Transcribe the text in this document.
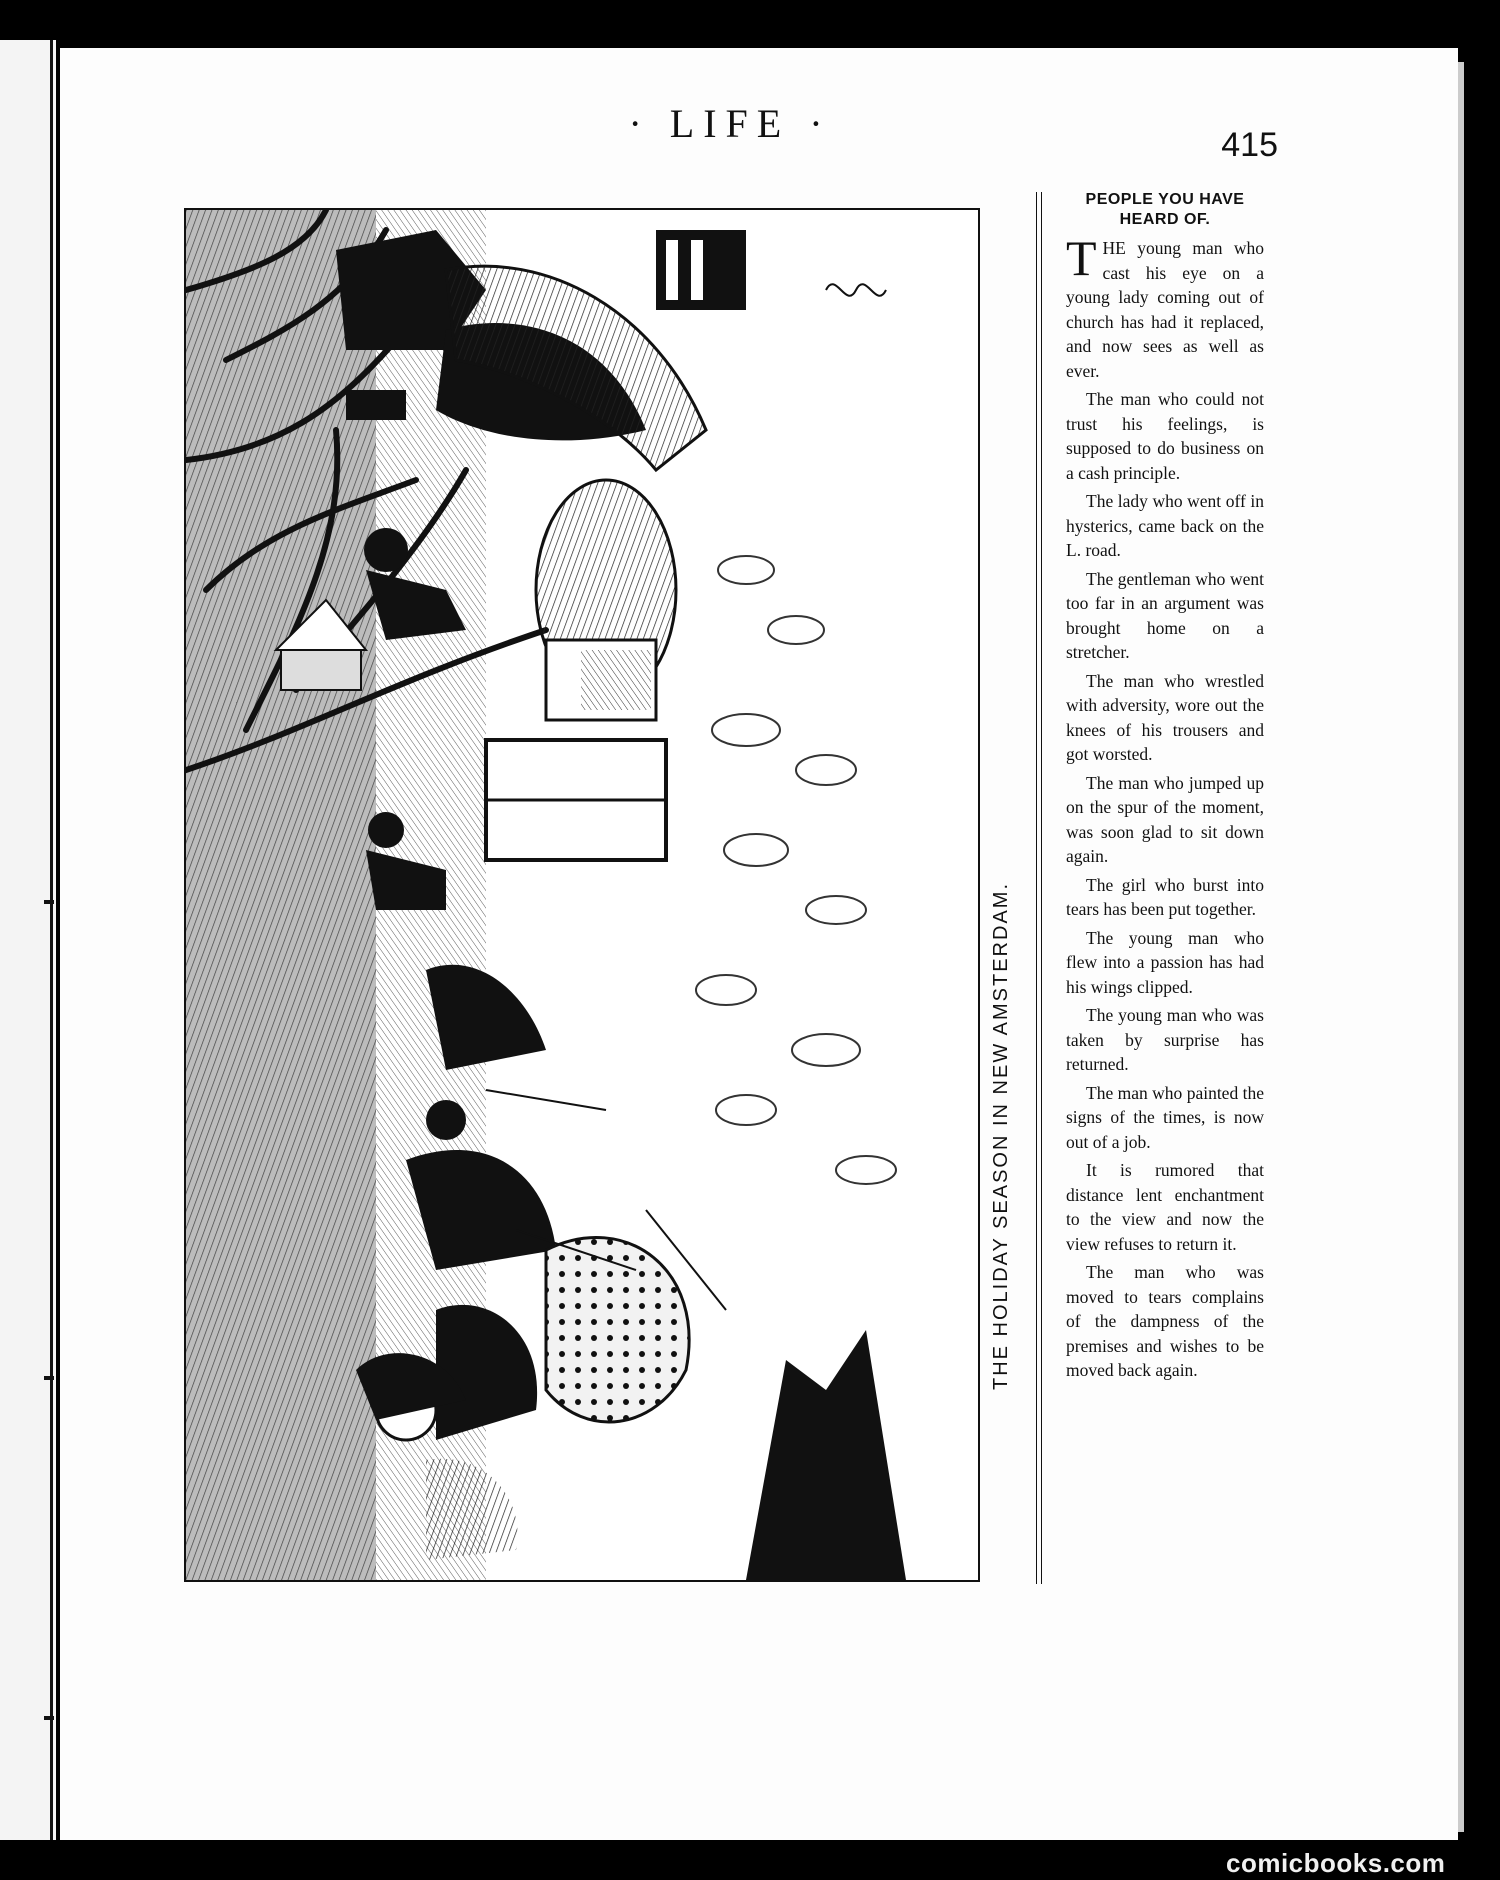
· LIFE ·	415
THE HOLIDAY SEASON IN NEW AMSTERDAM.
PEOPLE YOU HAVE
HEARD OF.

THE young man who cast his eye on a young lady coming out of church has had it replaced, and now sees as well as ever.

The man who could not trust his feelings, is supposed to do business on a cash principle.

The lady who went off in hysterics, came back on the L. road.

The gentleman who went too far in an argument was brought home on a stretcher.

The man who wrestled with adversity, wore out the knees of his trousers and got worsted.

The man who jumped up on the spur of the moment, was soon glad to sit down again.

The girl who burst into tears has been put together.

The young man who flew into a passion has had his wings clipped.

The young man who was taken by surprise has returned.

The man who painted the signs of the times, is now out of a job.

It is rumored that distance lent enchantment to the view and now the view refuses to return it.

The man who was moved to tears complains of the dampness of the premises and wishes to be moved back again.

comicbooks.com
